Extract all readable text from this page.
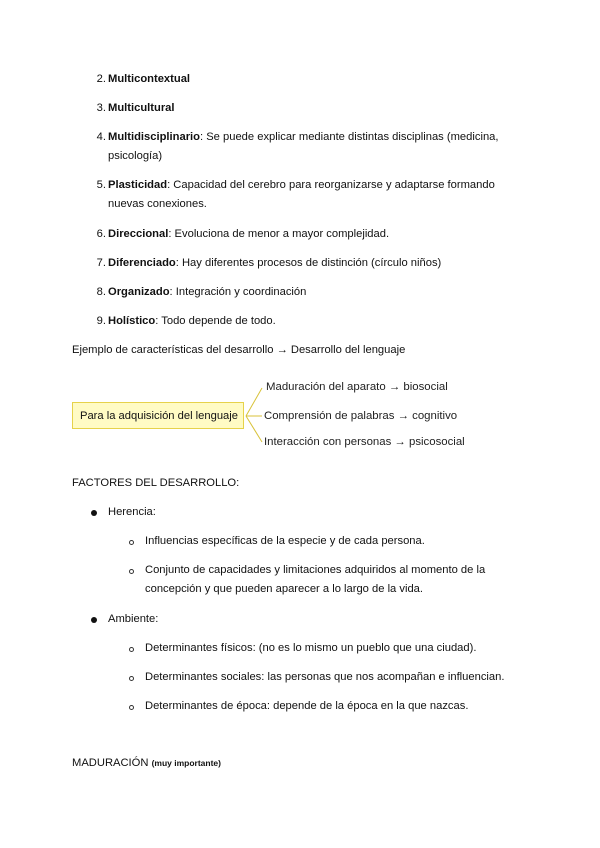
2. Multicontextual
3. Multicultural
4. Multidisciplinario: Se puede explicar mediante distintas disciplinas (medicina,
psicología)
5. Plasticidad: Capacidad del cerebro para reorganizarse y adaptarse formando
nuevas conexiones.
6. Direccional: Evoluciona de menor a mayor complejidad.
7. Diferenciado: Hay diferentes procesos de distinción (círculo niños)
8. Organizado: Integración y coordinación
9. Holístico: Todo depende de todo.
Ejemplo de características del desarrollo → Desarrollo del lenguaje
Para la adquisición del lenguaje
Maduración del aparato → biosocial
Comprensión de palabras → cognitivo
Interacción con personas → psicosocial
FACTORES DEL DESARROLLO:
Herencia:
Influencias específicas de la especie y de cada persona.
Conjunto de capacidades y limitaciones adquiridos al momento de la
concepción y que pueden aparecer a lo largo de la vida.
Ambiente:
Determinantes físicos: (no es lo mismo un pueblo que una ciudad).
Determinantes sociales: las personas que nos acompañan e influencian.
Determinantes de época: depende de la época en la que nazcas.
MADURACIÓN (muy importante)
